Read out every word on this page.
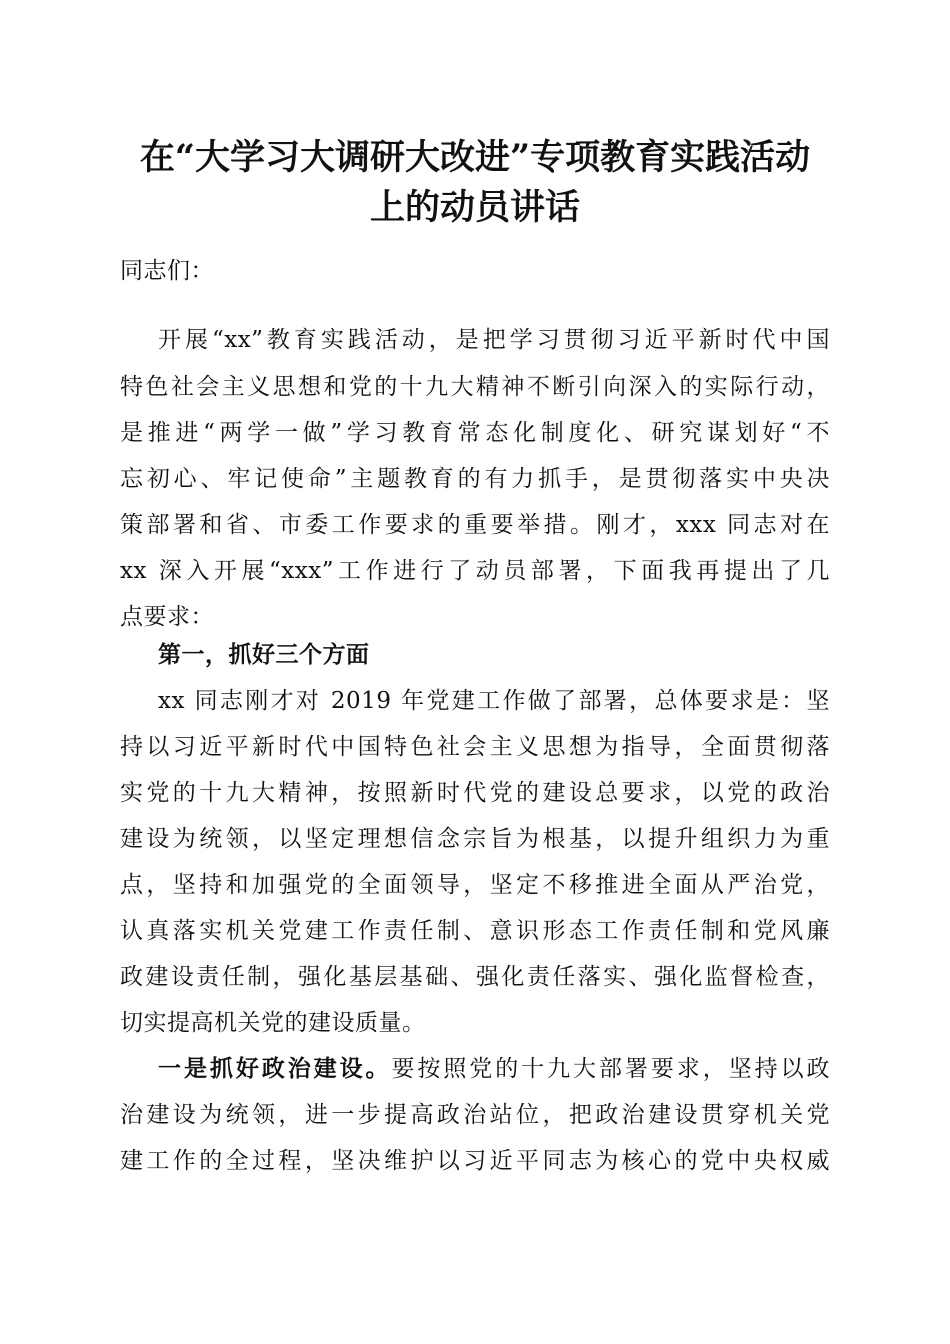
在“大学习大调研大改进”专项教育实践活动
上的动员讲话
同志们：
开展“xx”教育实践活动，是把学习贯彻习近平新时代中国
特色社会主义思想和党的十九大精神不断引向深入的实际行动，
是推进“两学一做”学习教育常态化制度化、研究谋划好“不
忘初心、牢记使命”主题教育的有力抓手，是贯彻落实中央决
策部署和省、市委工作要求的重要举措。刚才，xxx 同志对在
xx 深入开展“xxx”工作进行了动员部署，下面我再提出了几
点要求：
第一，抓好三个方面
xx 同志刚才对 2019 年党建工作做了部署，总体要求是：坚
持以习近平新时代中国特色社会主义思想为指导，全面贯彻落
实党的十九大精神，按照新时代党的建设总要求，以党的政治
建设为统领，以坚定理想信念宗旨为根基，以提升组织力为重
点，坚持和加强党的全面领导，坚定不移推进全面从严治党，
认真落实机关党建工作责任制、意识形态工作责任制和党风廉
政建设责任制，强化基层基础、强化责任落实、强化监督检查，
切实提高机关党的建设质量。
一是抓好政治建设。要按照党的十九大部署要求，坚持以政
治建设为统领，进一步提高政治站位，把政治建设贯穿机关党
建工作的全过程，坚决维护以习近平同志为核心的党中央权威
